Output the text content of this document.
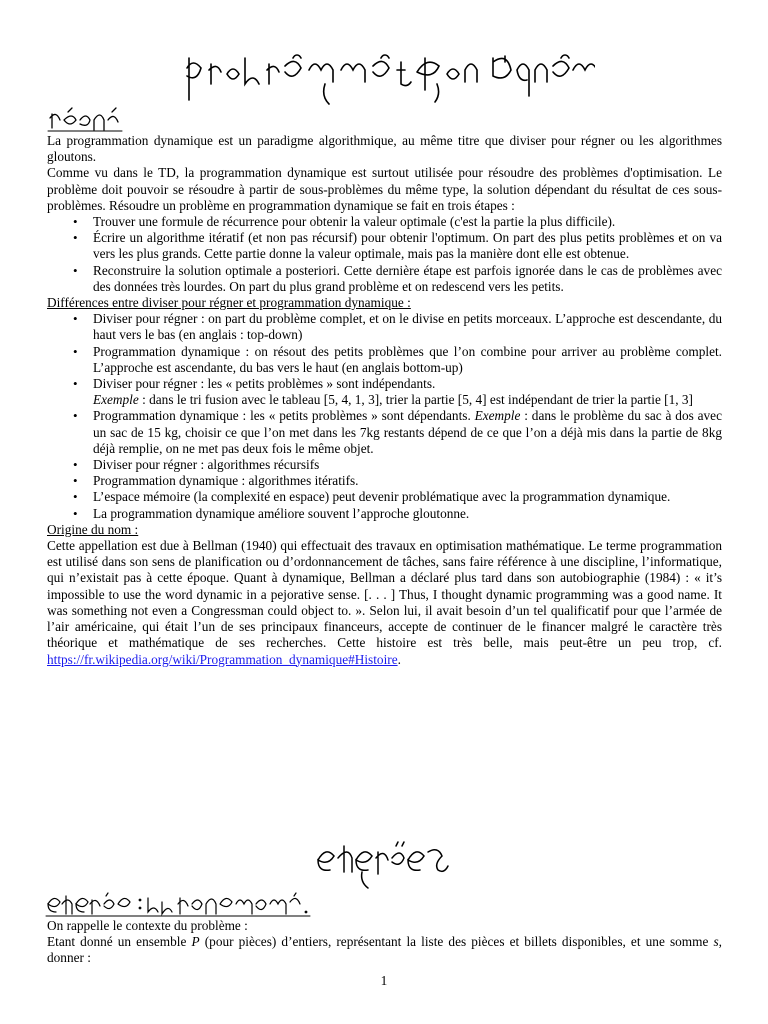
La programmation dynamique est un paradigme algorithmique, au même titre que diviser pour régner ou les algorithmes gloutons.

Comme vu dans le TD, la programmation dynamique est surtout utilisée pour résoudre des problèmes d'optimisation. Le problème doit pouvoir se résoudre à partir de sous-problèmes du même type, la solution dépendant du résultat de ces sous-problèmes. Résoudre un problème en programmation dynamique se fait en trois étapes :

• Trouver une formule de récurrence pour obtenir la valeur optimale (c'est la partie la plus difficile).
• Écrire un algorithme itératif (et non pas récursif) pour obtenir l'optimum. On part des plus petits problèmes et on va vers les plus grands. Cette partie donne la valeur optimale, mais pas la manière dont elle est obtenue.
• Reconstruire la solution optimale a posteriori. Cette dernière étape est parfois ignorée dans le cas de problèmes avec des données très lourdes. On part du plus grand problème et on redescend vers les petits.

Différences entre diviser pour régner et programmation dynamique :

• Diviser pour régner : on part du problème complet, et on le divise en petits morceaux. L’approche est descendante, du haut vers le bas (en anglais : top-down)
• Programmation dynamique : on résout des petits problèmes que l’on combine pour arriver au problème complet. L’approche est ascendante, du bas vers le haut (en anglais bottom-up)
• Diviser pour régner : les « petits problèmes » sont indépendants.
Exemple : dans le tri fusion avec le tableau [5, 4, 1, 3], trier la partie [5, 4] est indépendant de trier la partie [1, 3]
• Programmation dynamique : les « petits problèmes » sont dépendants. Exemple : dans le problème du sac à dos avec un sac de 15 kg, choisir ce que l’on met dans les 7kg restants dépend de ce que l’on a déjà mis dans la partie de 8kg déjà remplie, on ne met pas deux fois le même objet.
• Diviser pour régner : algorithmes récursifs
• Programmation dynamique : algorithmes itératifs.
• L’espace mémoire (la complexité en espace) peut devenir problématique avec la programmation dynamique.
• La programmation dynamique améliore souvent l’approche gloutonne.

Origine du nom :

Cette appellation est due à Bellman (1940) qui effectuait des travaux en optimisation mathématique. Le terme programmation est utilisé dans son sens de planification ou d’ordonnancement de tâches, sans faire référence à une discipline, l’informatique, qui n’existait pas à cette époque. Quant à dynamique, Bellman a déclaré plus tard dans son autobiographie (1984) : « it’s impossible to use the word dynamic in a pejorative sense. [. . . ] Thus, I thought dynamic programming was a good name. It was something not even a Congressman could object to. ». Selon lui, il avait besoin d’un tel qualificatif pour que l’armée de l’air américaine, qui était l’un de ses principaux financeurs, accepte de continuer de le financer malgré le caractère très théorique et mathématique de ses recherches. Cette histoire est très belle, mais peut-être un peu trop, cf. https://fr.wikipedia.org/wiki/Programmation_dynamique#Histoire.

On rappelle le contexte du problème :

Etant donné un ensemble P (pour pièces) d’entiers, représentant la liste des pièces et billets disponibles, et une somme s, donner :

1
